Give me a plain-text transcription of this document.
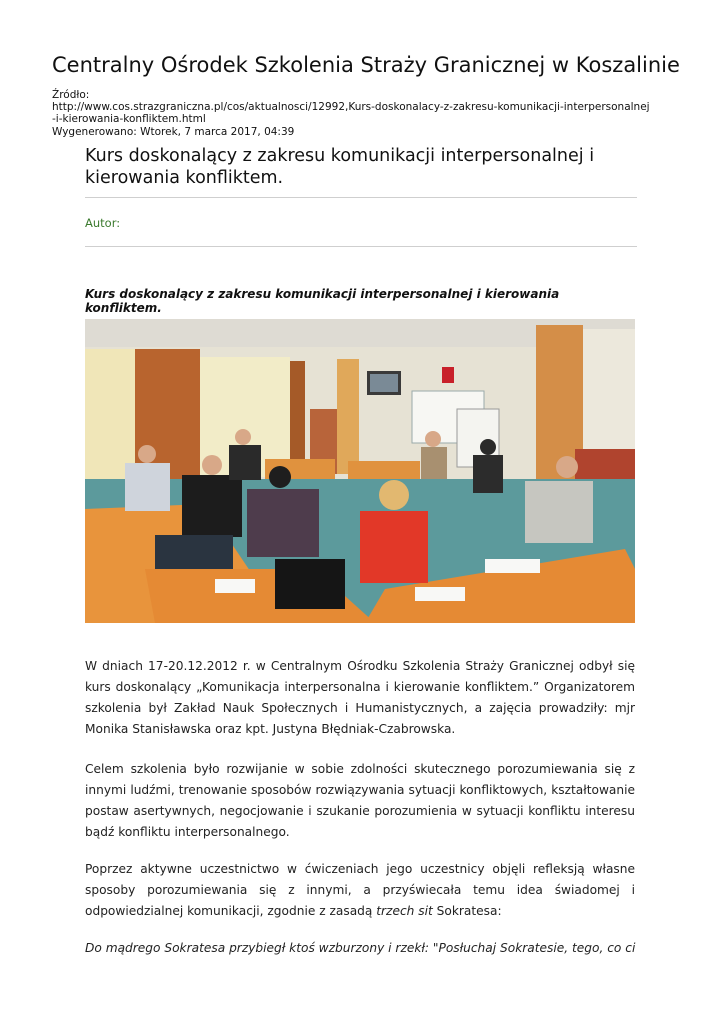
Centralny Ośrodek Szkolenia Straży Granicznej w Koszalinie
Źródło:
http://www.cos.strazgraniczna.pl/cos/aktualnosci/12992,Kurs-doskonalacy-z-zakresu-komunikacji-interpersonalnej
-i-kierowania-konfliktem.html
Wygenerowano: Wtorek, 7 marca 2017, 04:39
Kurs doskonalący z zakresu komunikacji interpersonalnej i kierowania konfliktem.
Autor:
Kurs doskonalący z zakresu komunikacji interpersonalnej i kierowania konfliktem.

W dniach 17-20.12.2012 r. w Centralnym Ośrodku Szkolenia Straży Granicznej odbył się kurs doskonalący „Komunikacja interpersonalna i kierowanie konfliktem.” Organizatorem szkolenia był Zakład Nauk Społecznych i Humanistycznych, a zajęcia prowadziły: mjr Monika Stanisławska oraz kpt. Justyna Błędniak-Czabrowska.

Celem szkolenia było rozwijanie w sobie zdolności skutecznego porozumiewania się z innymi ludźmi, trenowanie sposobów rozwiązywania sytuacji konfliktowych, kształtowanie postaw asertywnych, negocjowanie i szukanie porozumienia w sytuacji konfliktu interesu bądź konfliktu interpersonalnego.

Poprzez aktywne uczestnictwo w ćwiczeniach jego uczestnicy objęli refleksją własne sposoby porozumiewania się z innymi, a przyświecała temu idea świadomej i odpowiedzialnej komunikacji, zgodnie z zasadą trzech sit Sokratesa:

Do mądrego Sokratesa przybiegł ktoś wzburzony i rzekł: "Posłuchaj Sokratesie, tego, co ci
